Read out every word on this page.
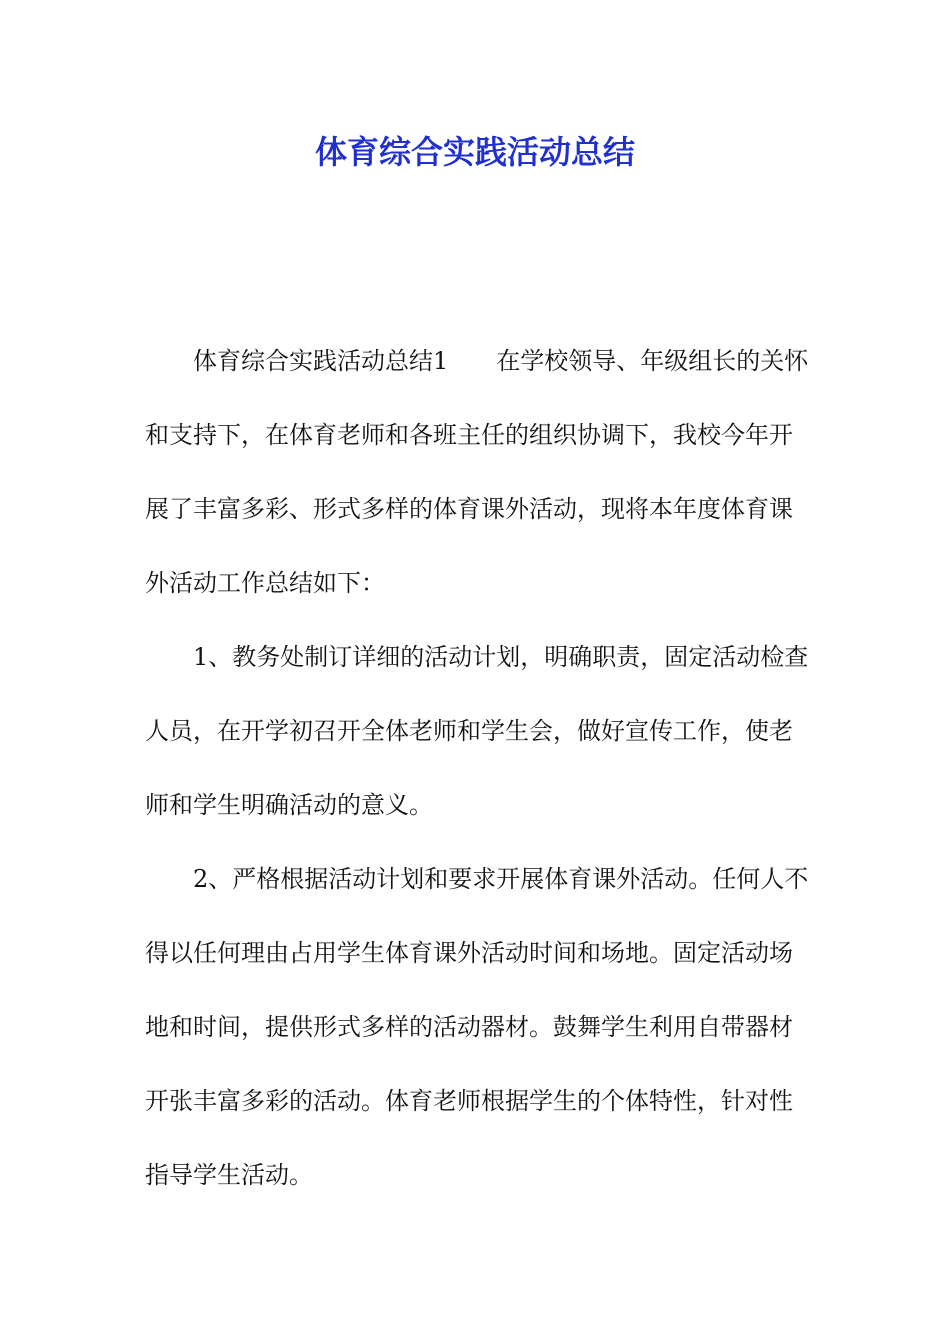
体育综合实践活动总结

体育综合实践活动总结1　　在学校领导、年级组长的关怀和支持下，在体育老师和各班主任的组织协调下，我校今年开展了丰富多彩、形式多样的体育课外活动，现将本年度体育课外活动工作总结如下：

1、教务处制订详细的活动计划，明确职责，固定活动检查人员，在开学初召开全体老师和学生会，做好宣传工作，使老师和学生明确活动的意义。

2、严格根据活动计划和要求开展体育课外活动。任何人不得以任何理由占用学生体育课外活动时间和场地。固定活动场地和时间，提供形式多样的活动器材。鼓舞学生利用自带器材开张丰富多彩的活动。体育老师根据学生的个体特性，针对性指导学生活动。
